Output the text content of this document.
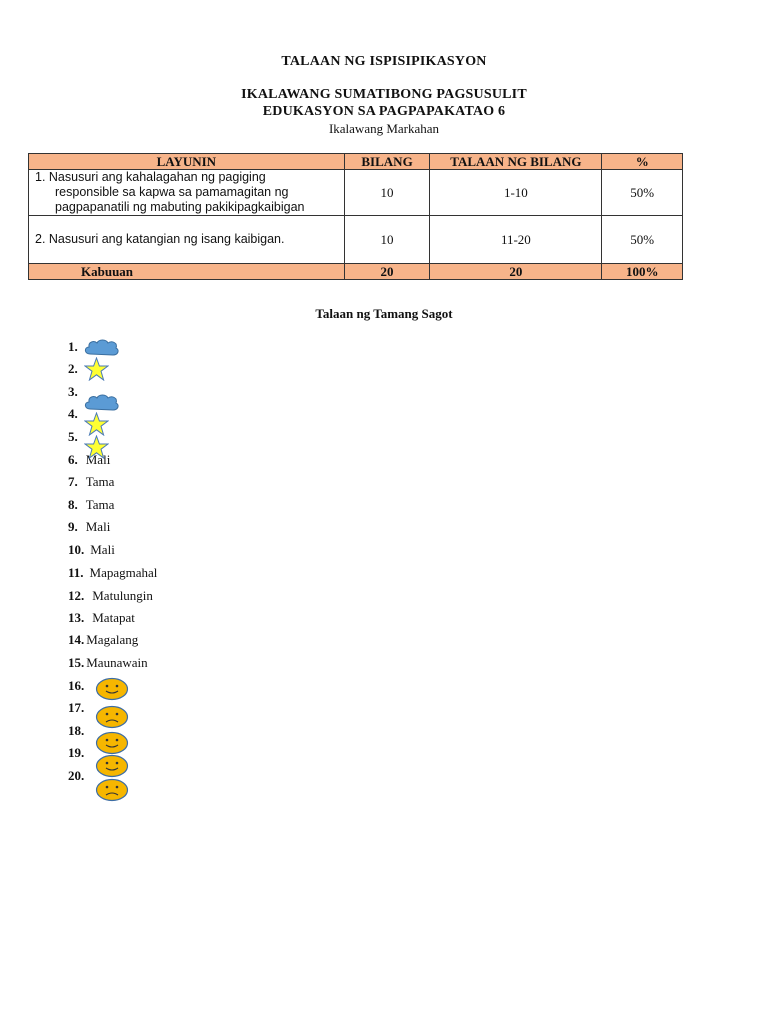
TALAAN NG ISPISIPIKASYON
IKALAWANG SUMATIBONG PAGSUSULIT
EDUKASYON SA PAGPAPAKATAO 6
Ikalawang Markahan
LAYUNIN	BILANG	TALAAN NG BILANG	%

1. Nasusuri ang kahalagahan ng pagiging
responsible sa kapwa sa pamamagitan ng
pagpapanatili ng mabuting pakikipagkaibigan	10	1-10	50%

2. Nasusuri ang katangian ng isang kaibigan.	10	11-20	50%
Kabuuan	20	20	100%
Talaan ng Tamang Sagot
1.
2.
3.
4.
5.
6. Mali
7. Tama
8. Tama
9. Mali
10. Mali
11. Mapagmahal
12. Matulungin
13. Matapat
14. Magalang
15. Maunawain
16.
17.
18.
19.
20.
